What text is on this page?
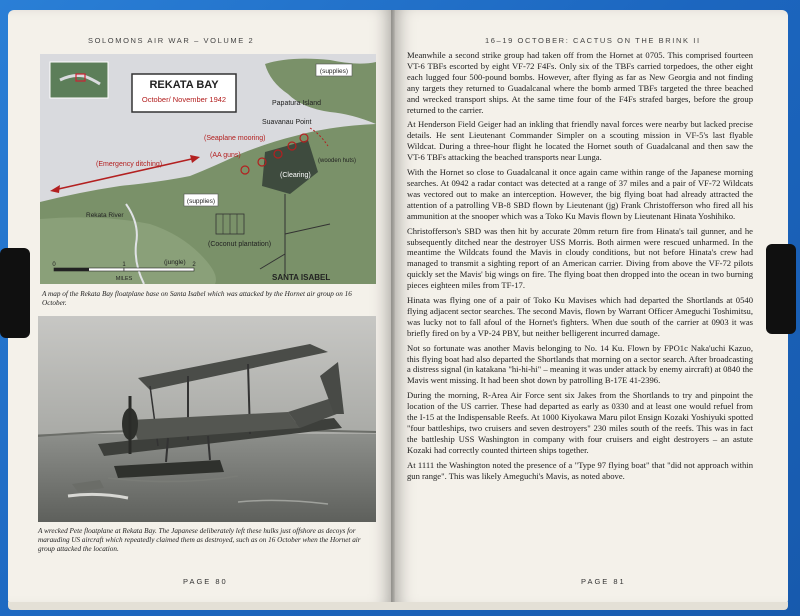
SOLOMONS AIR WAR – VOLUME 2
REKATA BAY
October/ November 1942	Papatura Island
(supplies)
Suavanau Point
(Seaplane mooring)
(Clearing)
(wooden huts)
(AA guns)
(Emergency ditching)
Rekata River
(supplies)
(Coconut plantation)
(jungle)
SANTA ISABEL
0	1	2
MILES
A map of the Rekata Bay floatplane base on Santa Isabel which was attacked by the Hornet air group on 16 October.
A wrecked Pete floatplane at Rekata Bay. The Japanese deliberately left these hulks just offshore as decoys for marauding US aircraft which repeatedly claimed them as destroyed, such as on 16 October when the Hornet air group attacked the location.
PAGE 80
16–19 OCTOBER: CACTUS ON THE BRINK II

Meanwhile a second strike group had taken off from the Hornet at 0705. This comprised fourteen VT-6 TBFs escorted by eight VF-72 F4Fs. Only six of the TBFs carried torpedoes, the other eight each lugged four 500-pound bombs. However, after flying as far as New Georgia and not finding any targets they returned to Guadalcanal where the bomb armed TBFs targeted the three beached and wrecked transport ships. At the same time four of the F4Fs strafed barges, before the group returned to the carrier.

At Henderson Field Geiger had an inkling that friendly naval forces were nearby but lacked precise details. He sent Lieutenant Commander Simpler on a scouting mission in VF-5's last flyable Wildcat. During a three-hour flight he located the Hornet south of Guadalcanal and then saw the VT-6 TBFs attacking the beached transports near Lunga.

With the Hornet so close to Guadalcanal it once again came within range of the Japanese morning searches. At 0942 a radar contact was detected at a range of 37 miles and a pair of VF-72 Wildcats was vectored out to make an interception. However, the big flying boat had already attracted the attention of a patrolling VB-8 SBD flown by Lieutenant (jg) Frank Christofferson who fired all his ammunition at the snooper which was a Toko Ku Mavis flown by Lieutenant Hinata Yoshihiko.

Christofferson's SBD was then hit by accurate 20mm return fire from Hinata's tail gunner, and he subsequently ditched near the destroyer USS Morris. Both airmen were rescued unharmed. In the meantime the Wildcats found the Mavis in cloudy conditions, but not before Hinata's crew had managed to transmit a sighting report of an American carrier. Diving from above the VF-72 pilots quickly set the Mavis' big wings on fire. The flying boat then dropped into the ocean in two burning pieces eighteen miles from TF-17.

Hinata was flying one of a pair of Toko Ku Mavises which had departed the Shortlands at 0540 flying adjacent sector searches. The second Mavis, flown by Warrant Officer Ameguchi Toshimitsu, was lucky not to fall afoul of the Hornet's fighters. When due south of the carrier at 0903 it was briefly fired on by a VP-24 PBY, but neither belligerent incurred damage.

Not so fortunate was another Mavis belonging to No. 14 Ku. Flown by FPO1c Naka'uchi Kazuo, this flying boat had also departed the Shortlands that morning on a sector search. After broadcasting a distress signal (in katakana "hi-hi-hi" – meaning it was under attack by enemy aircraft) at 0840 the Mavis went missing. It had been shot down by patrolling B-17E 41-2396.

During the morning, R-Area Air Force sent six Jakes from the Shortlands to try and pinpoint the location of the US carrier. These had departed as early as 0330 and at least one would refuel from the I-15 at the Indispensable Reefs. At 1000 Kiyokawa Maru pilot Ensign Kozaki Yoshiyuki spotted "four battleships, two cruisers and seven destroyers" 230 miles south of the reefs. This was in fact the battleship USS Washington in company with four cruisers and eight destroyers – an astute Kozaki had correctly counted thirteen ships together.

At 1111 the Washington noted the presence of a "Type 97 flying boat" that "did not approach within gun range". This was likely Ameguchi's Mavis, as noted above.

PAGE 81
